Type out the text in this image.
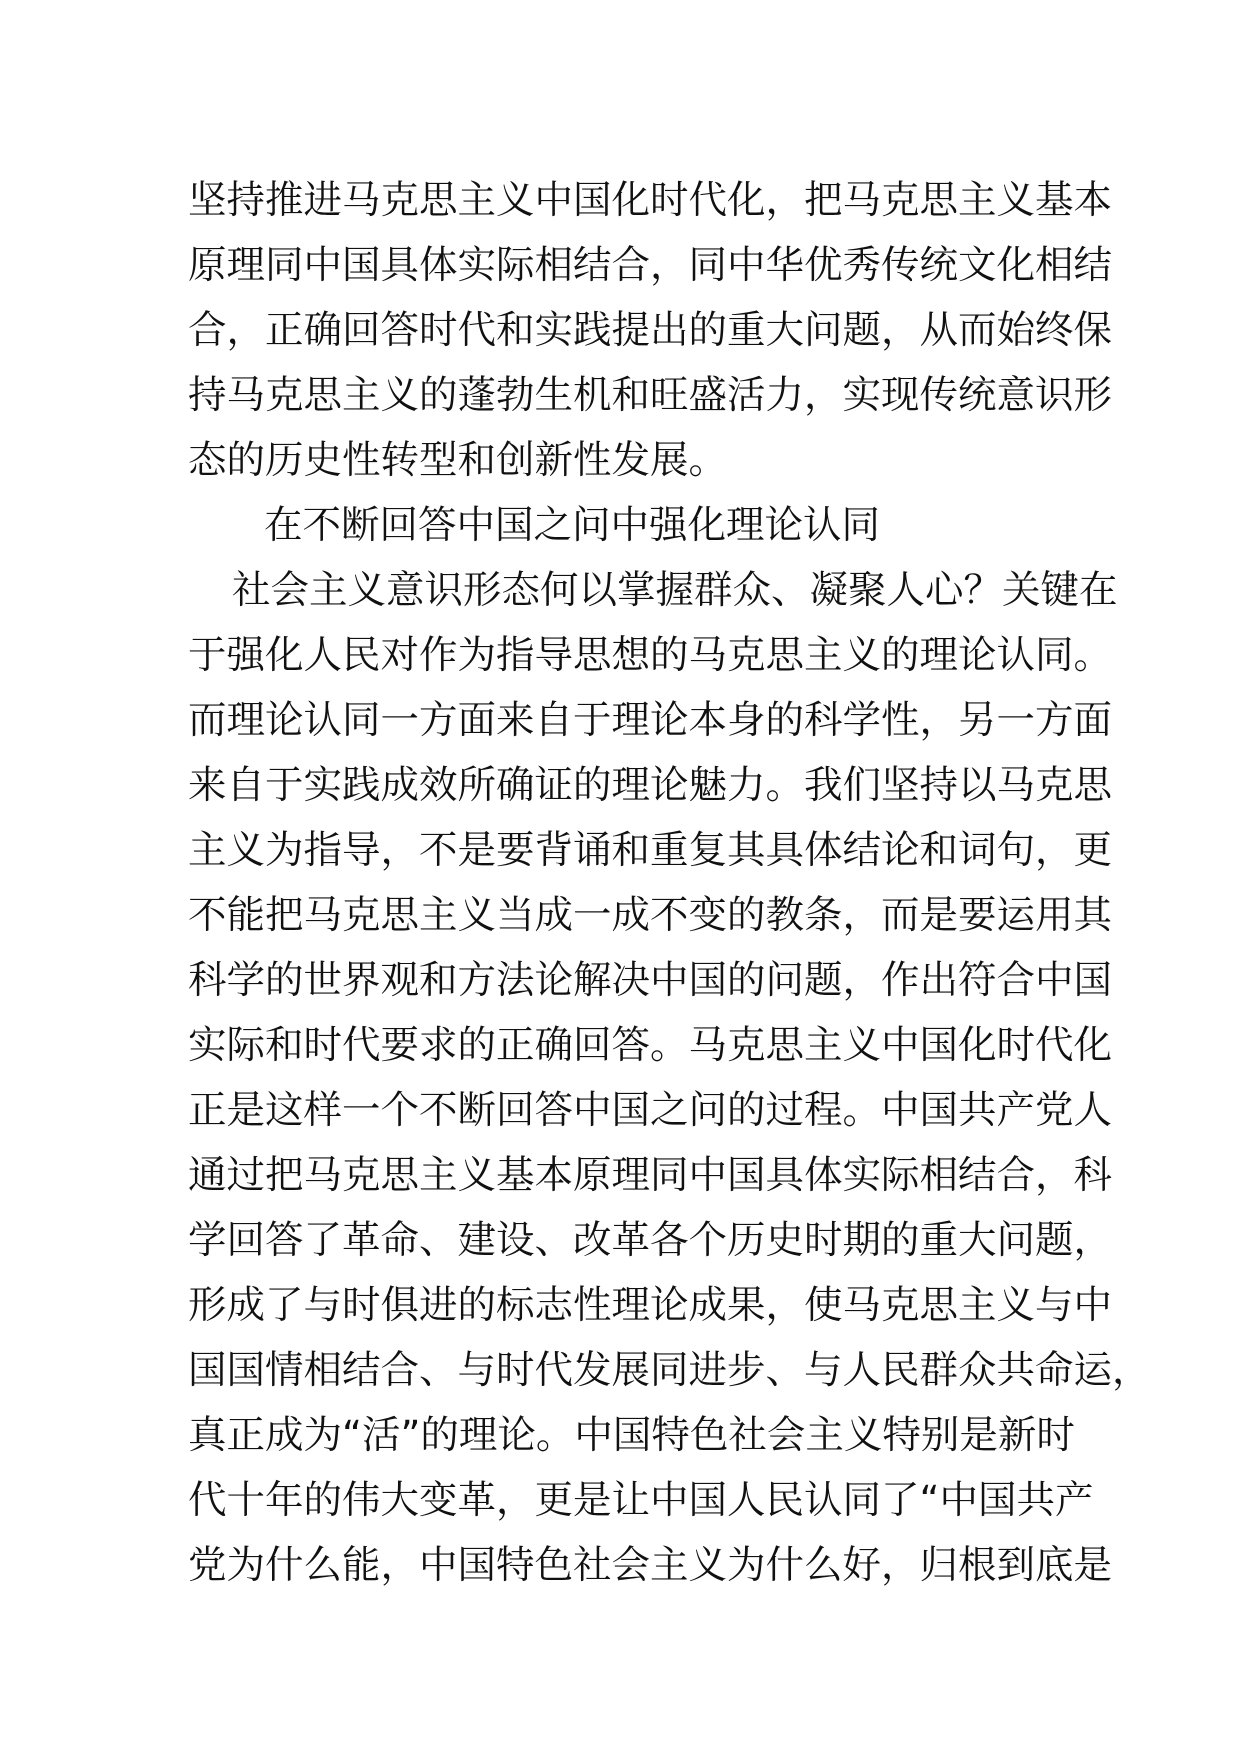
坚持推进马克思主义中国化时代化，把马克思主义基本
原理同中国具体实际相结合，同中华优秀传统文化相结
合，正确回答时代和实践提出的重大问题，从而始终保
持马克思主义的蓬勃生机和旺盛活力，实现传统意识形
态的历史性转型和创新性发展。
在不断回答中国之问中强化理论认同
社会主义意识形态何以掌握群众、凝聚人心？关键在
于强化人民对作为指导思想的马克思主义的理论认同。
而理论认同一方面来自于理论本身的科学性，另一方面
来自于实践成效所确证的理论魅力。我们坚持以马克思
主义为指导，不是要背诵和重复其具体结论和词句，更
不能把马克思主义当成一成不变的教条，而是要运用其
科学的世界观和方法论解决中国的问题，作出符合中国
实际和时代要求的正确回答。马克思主义中国化时代化
正是这样一个不断回答中国之问的过程。中国共产党人
通过把马克思主义基本原理同中国具体实际相结合，科
学回答了革命、建设、改革各个历史时期的重大问题，
形成了与时俱进的标志性理论成果，使马克思主义与中
国国情相结合、与时代发展同进步、与人民群众共命运，
真正成为“活”的理论。中国特色社会主义特别是新时
代十年的伟大变革，更是让中国人民认同了“中国共产
党为什么能，中国特色社会主义为什么好，归根到底是
